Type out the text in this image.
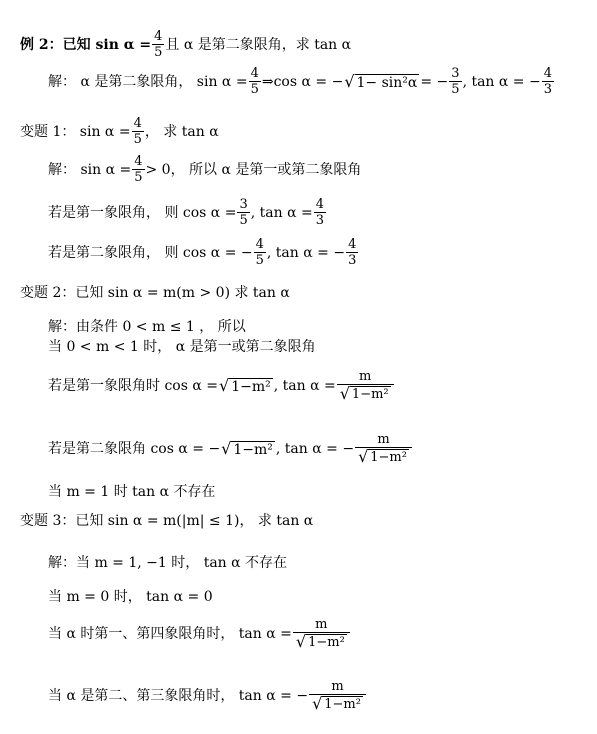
例 2：已知 $\sin \alpha = \frac{4}{5}$ 且 α 是第二象限角，求 tan α
解： α 是第二象限角， $\sin \alpha = \frac{4}{5}$ ⇒cos α = − √ 1− sin²α = − $\frac{3}{5}$ , tan α = − $\frac{4}{3}$
变题 1： $\sin \alpha = \frac{4}{5}$ ， 求 tan α
解： $\sin \alpha = \frac{4}{5} > 0$， 所以 α 是第一或第二象限角
若是第一象限角， 则 $\cos \alpha = \frac{3}{5}$ , $\tan \alpha = \frac{4}{3}$
若是第二象限角， 则 cos α = − $\frac{4}{5}$ , tan α = − $\frac{4}{3}$
变题 2：已知 sin α = m(m > 0) 求 tan α
解：由条件 0 < m ≤ 1 ， 所以
当 0 < m < 1 时， α 是第一或第二象限角
若是第一象限角时 cos α = √ 1−m² , $\tan \alpha = \frac{m}{\text{√ 1−m²}}$
若是第二象限角 cos α = − √ 1−m² , tan α = − $\frac{m}{\text{√ 1−m²}}$
当 m = 1 时 tan α 不存在
变题 3：已知 sin α = m(|m| ≤ 1)， 求 tan α
解：当 m = 1, −1 时， tan α 不存在
当 m = 0 时， tan α = 0
当 α 时第一、第四象限角时， $\tan \alpha = \frac{m}{\text{√ 1−m²}}$
当 α 是第二、第三象限角时， tan α = − $\frac{m}{\text{√ 1−m²}}$
